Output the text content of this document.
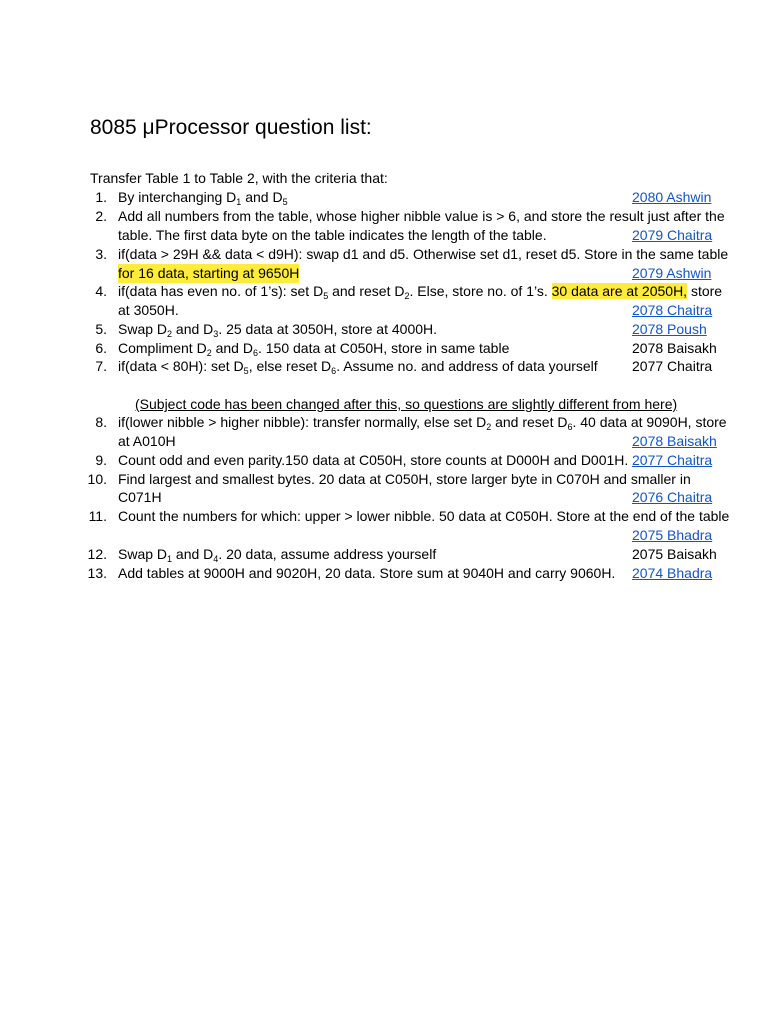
8085 μProcessor question list:
Transfer Table 1 to Table 2, with the criteria that:
1. By interchanging $D_1$ and $D_5$	2080 Ashwin
2. Add all numbers from the table, whose higher nibble value is > 6, and store the result just after the
table. The first data byte on the table indicates the length of the table.	2079 Chaitra
3. if(data > 29H && data < d9H): swap d1 and d5. Otherwise set d1, reset d5. Store in the same table
for 16 data, starting at 9650H	2079 Ashwin
4. if(data has even no. of 1’s): set $D_5$ and reset $D_2$. Else, store no. of 1’s. 30 data are at 2050H, store
at 3050H.	2078 Chaitra
5. Swap $D_2$ and $D_3$. 25 data at 3050H, store at 4000H.	2078 Poush
6. Compliment $D_2$ and $D_6$. 150 data at C050H, store in same table	2078 Baisakh
7. if(data < 80H): set $D_5$, else reset $D_6$. Assume no. and address of data yourself 2077 Chaitra
(Subject code has been changed after this, so questions are slightly different from here)
8. if(lower nibble > higher nibble): transfer normally, else set $D_2$ and reset $D_6$. 40 data at 9090H, store
at A010H	2078 Baisakh
9. Count odd and even parity.150 data at C050H, store counts at D000H and D001H. 2077 Chaitra
10. Find largest and smallest bytes. 20 data at C050H, store larger byte in C070H and smaller in
C071H	2076 Chaitra
11. Count the numbers for which: upper > lower nibble. 50 data at C050H. Store at the end of the table
2075 Bhadra
12. Swap $D_1$ and $D_4$. 20 data, assume address yourself	2075 Baisakh
13. Add tables at 9000H and 9020H, 20 data. Store sum at 9040H and carry 9060H. 2074 Bhadra
